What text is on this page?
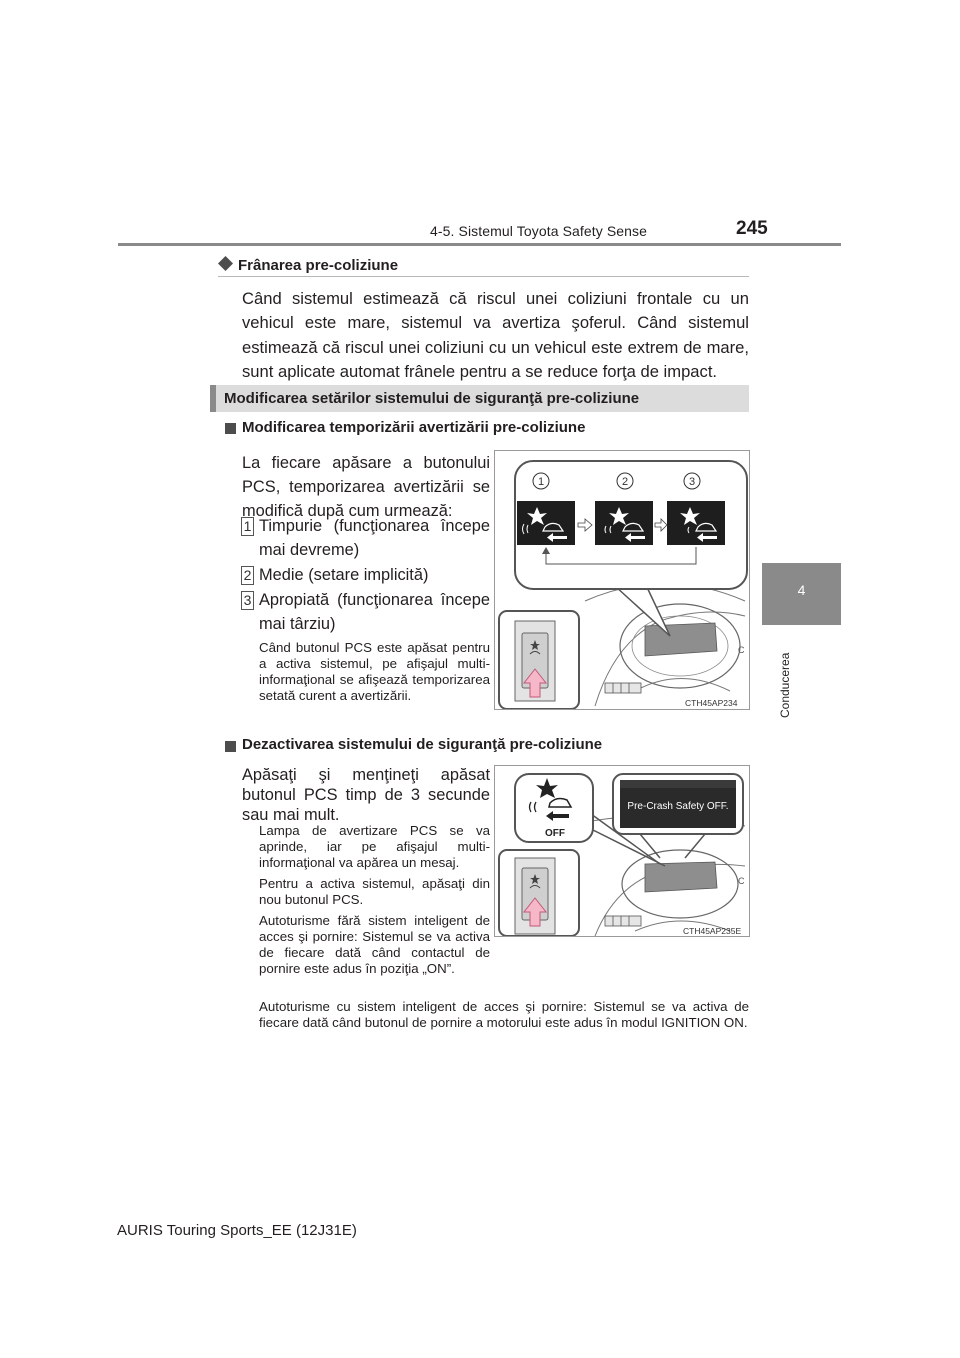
4-5. Sistemul Toyota Safety Sense	245
4
Conducerea
Frânarea pre-coliziune

Când sistemul estimează că riscul unei coliziuni frontale cu un vehicul este mare, sistemul va avertiza şoferul. Când sistemul estimează că riscul unei coliziuni cu un vehicul este extrem de mare, sunt aplicate automat frânele pentru a se reduce forţa de impact.

Modificarea setărilor sistemului de siguranţă pre-coliziune
Modificarea temporizării avertizării pre-coliziune

La fiecare apăsare a butonului PCS, temporizarea avertizării se modifică după cum urmează:

1 Timpurie (funcţionarea începe mai devreme)

2 Medie (setare implicită)

3 Apropiată (funcţionarea începe mai târziu)

Când butonul PCS este apăsat pentru a activa sistemul, pe afişajul multi-informaţional se afişează temporizarea setată curent a avertizării.

C
1	2	3
CTH45AP234
Dezactivarea sistemului de siguranţă pre-coliziune

Apăsaţi şi menţineţi apăsat butonul PCS timp de 3 secunde sau mai mult.

Lampa de avertizare PCS se va aprinde, iar pe afişajul multi-informaţional va apărea un mesaj.

Pentru a activa sistemul, apăsaţi din nou butonul PCS.

Autoturisme fără sistem inteligent de acces şi pornire: Sistemul se va activa de fiecare dată când contactul de pornire este adus în poziţia „ON”.

Autoturisme cu sistem inteligent de acces şi pornire: Sistemul se va activa de fiecare dată când butonul de pornire a motorului este adus în modul IGNITION ON.

C
OFF
Pre-Crash Safety OFF.
CTH45AP235E
AURIS Touring Sports_EE (12J31E)
